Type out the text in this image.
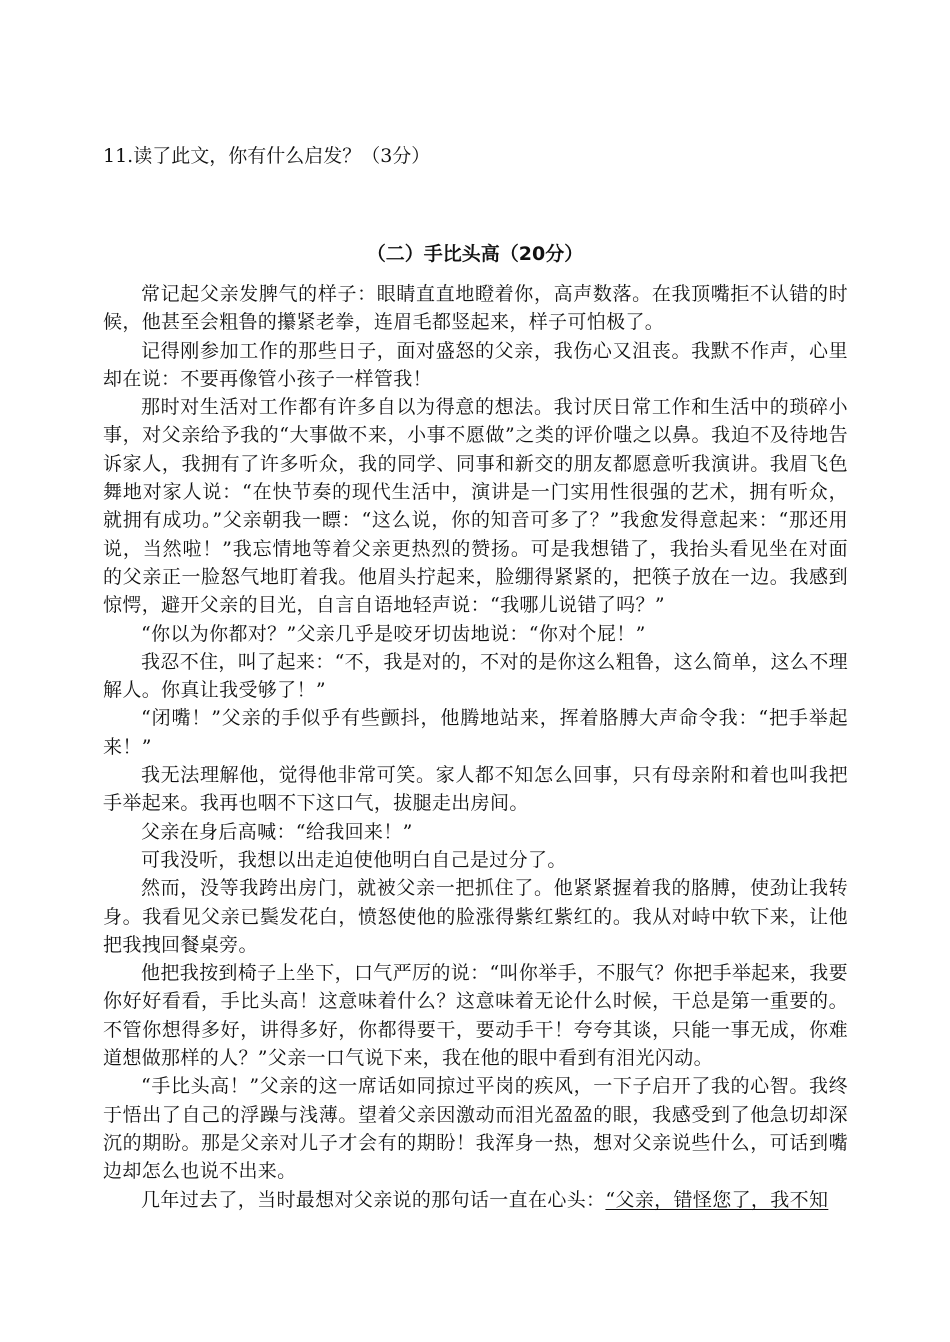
11.读了此文，你有什么启发？（3分）
（二）手比头高（20分）

常记起父亲发脾气的样子：眼睛直直地瞪着你，高声数落。在我顶嘴拒不认错的时候，他甚至会粗鲁的攥紧老拳，连眉毛都竖起来，样子可怕极了。

记得刚参加工作的那些日子，面对盛怒的父亲，我伤心又沮丧。我默不作声，心里却在说：不要再像管小孩子一样管我！

那时对生活对工作都有许多自以为得意的想法。我讨厌日常工作和生活中的琐碎小事，对父亲给予我的“大事做不来，小事不愿做”之类的评价嗤之以鼻。我迫不及待地告诉家人，我拥有了许多听众，我的同学、同事和新交的朋友都愿意听我演讲。我眉飞色舞地对家人说：“在快节奏的现代生活中，演讲是一门实用性很强的艺术，拥有听众，就拥有成功。”父亲朝我一瞟：“这么说，你的知音可多了？”我愈发得意起来：“那还用说，当然啦！”我忘情地等着父亲更热烈的赞扬。可是我想错了，我抬头看见坐在对面的父亲正一脸怒气地盯着我。他眉头拧起来，脸绷得紧紧的，把筷子放在一边。我感到惊愕，避开父亲的目光，自言自语地轻声说：“我哪儿说错了吗？”

“你以为你都对？”父亲几乎是咬牙切齿地说：“你对个屁！”

我忍不住，叫了起来：“不，我是对的，不对的是你这么粗鲁，这么简单，这么不理解人。你真让我受够了！”

“闭嘴！”父亲的手似乎有些颤抖，他腾地站来，挥着胳膊大声命令我：“把手举起来！”

我无法理解他，觉得他非常可笑。家人都不知怎么回事，只有母亲附和着也叫我把手举起来。我再也咽不下这口气，拔腿走出房间。

父亲在身后高喊：“给我回来！”

可我没听，我想以出走迫使他明白自己是过分了。

然而，没等我跨出房门，就被父亲一把抓住了。他紧紧握着我的胳膊，使劲让我转身。我看见父亲已鬓发花白，愤怒使他的脸涨得紫红紫红的。我从对峙中软下来，让他把我拽回餐桌旁。

他把我按到椅子上坐下，口气严厉的说：“叫你举手，不服气？你把手举起来，我要你好好看看，手比头高！这意味着什么？这意味着无论什么时候，干总是第一重要的。不管你想得多好，讲得多好，你都得要干，要动手干！夸夸其谈，只能一事无成，你难道想做那样的人？”父亲一口气说下来，我在他的眼中看到有泪光闪动。

“手比头高！”父亲的这一席话如同掠过平岗的疾风，一下子启开了我的心智。我终于悟出了自己的浮躁与浅薄。望着父亲因激动而泪光盈盈的眼，我感受到了他急切却深沉的期盼。那是父亲对儿子才会有的期盼！我浑身一热，想对父亲说些什么，可话到嘴边却怎么也说不出来。

几年过去了，当时最想对父亲说的那句话一直在心头：“父亲，错怪您了，我不知
